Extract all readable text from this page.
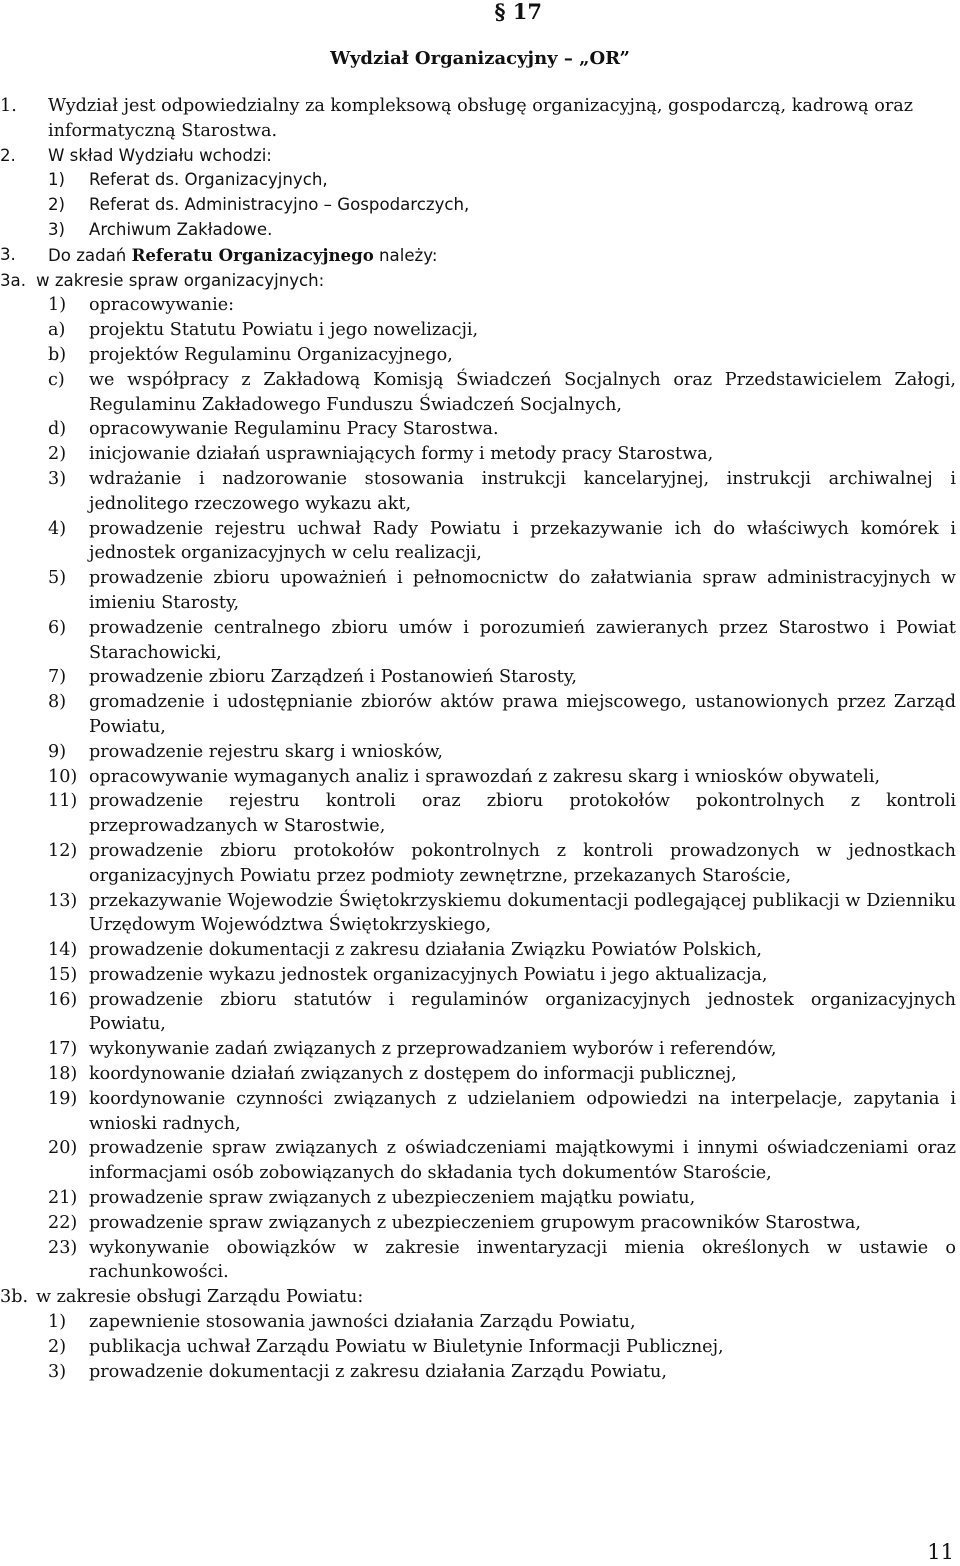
§ 17
Wydział Organizacyjny – „OR”
1.	Wydział jest odpowiedzialny za kompleksową obsługę organizacyjną, gospodarczą, kadrową oraz informatyczną Starostwa.
2.	W skład Wydziału wchodzi:
1)	Referat ds. Organizacyjnych,
2)	Referat ds. Administracyjno – Gospodarczych,
3)	Archiwum Zakładowe.
3.	Do zadań Referatu Organizacyjnego należy:
3a. w zakresie spraw organizacyjnych:
1)	opracowywanie:
a)	projektu Statutu Powiatu i jego nowelizacji,
b)	projektów Regulaminu Organizacyjnego,
c)	we współpracy z Zakładową Komisją Świadczeń Socjalnych oraz Przedstawicielem Załogi, Regulaminu Zakładowego Funduszu Świadczeń Socjalnych,
d)	opracowywanie Regulaminu Pracy Starostwa.
2)	inicjowanie działań usprawniających formy i metody pracy Starostwa,
3)	wdrażanie i nadzorowanie stosowania instrukcji kancelaryjnej, instrukcji archiwalnej i jednolitego rzeczowego wykazu akt,
4)	prowadzenie rejestru uchwał Rady Powiatu i przekazywanie ich do właściwych komórek i jednostek organizacyjnych w celu realizacji,
5)	prowadzenie zbioru upoważnień i pełnomocnictw do załatwiania spraw administracyjnych w imieniu Starosty,
6)	prowadzenie centralnego zbioru umów i porozumień zawieranych przez Starostwo i Powiat Starachowicki,
7)	prowadzenie zbioru Zarządzeń i Postanowień Starosty,
8)	gromadzenie i udostępnianie zbiorów aktów prawa miejscowego, ustanowionych przez Zarząd Powiatu,
9)	prowadzenie rejestru skarg i wniosków,
10) opracowywanie wymaganych analiz i sprawozdań z zakresu skarg i wniosków obywateli,
11) prowadzenie rejestru kontroli oraz zbioru protokołów pokontrolnych z kontroli przeprowadzanych w Starostwie,
12) prowadzenie zbioru protokołów pokontrolnych z kontroli prowadzonych w jednostkach organizacyjnych Powiatu przez podmioty zewnętrzne, przekazanych Staroście,
13) przekazywanie Wojewodzie Świętokrzyskiemu dokumentacji podlegającej publikacji w Dzienniku Urzędowym Województwa Świętokrzyskiego,
14) prowadzenie dokumentacji z zakresu działania Związku Powiatów Polskich,
15) prowadzenie wykazu jednostek organizacyjnych Powiatu i jego aktualizacja,
16) prowadzenie zbioru statutów i regulaminów organizacyjnych jednostek organizacyjnych Powiatu,
17) wykonywanie zadań związanych z przeprowadzaniem wyborów i referendów,
18) koordynowanie działań związanych z dostępem do informacji publicznej,
19) koordynowanie czynności związanych z udzielaniem odpowiedzi na interpelacje, zapytania i wnioski radnych,
20) prowadzenie spraw związanych z oświadczeniami majątkowymi i innymi oświadczeniami oraz informacjami osób zobowiązanych do składania tych dokumentów Staroście,
21) prowadzenie spraw związanych z ubezpieczeniem majątku powiatu,
22) prowadzenie spraw związanych z ubezpieczeniem grupowym pracowników Starostwa,
23) wykonywanie obowiązków w zakresie inwentaryzacji mienia określonych w ustawie o rachunkowości.
3b. w zakresie obsługi Zarządu Powiatu:
1)	zapewnienie stosowania jawności działania Zarządu Powiatu,
2)	publikacja uchwał Zarządu Powiatu w Biuletynie Informacji Publicznej,
3)	prowadzenie dokumentacji z zakresu działania Zarządu Powiatu,
11
